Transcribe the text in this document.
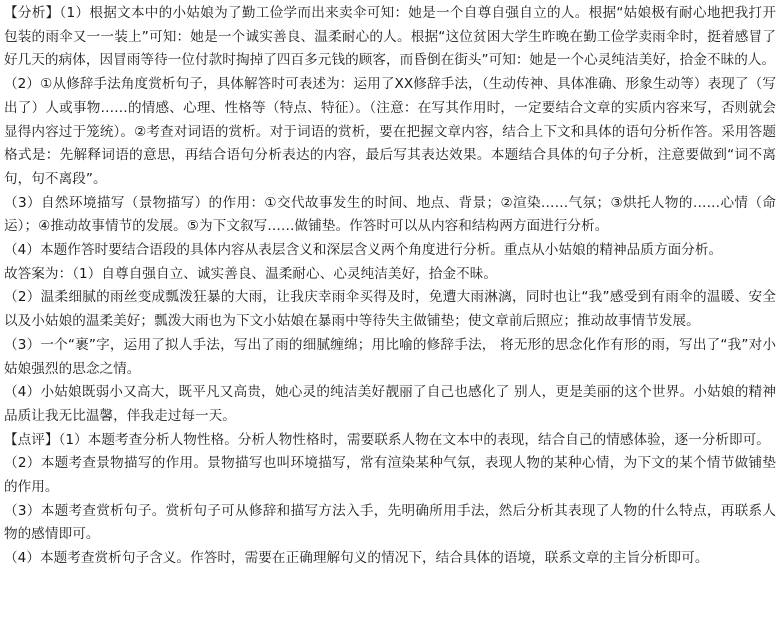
【分析】（1）根据文本中的小姑娘为了勤工俭学而出来卖伞可知：她是一个自尊自强自立的人。根据“姑娘极有耐心地把我打开包装的雨伞又一一装上”可知：她是一个诚实善良、温柔耐心的人。根据“这位贫困大学生昨晚在勤工俭学卖雨伞时，挺着感冒了好几天的病体，因冒雨等待一位付款时掏掉了四百多元钱的顾客，而昏倒在街头”可知：她是一个心灵纯洁美好，拾金不昧的人。

（2）①从修辞手法角度赏析句子，具体解答时可表述为：运用了XX修辞手法，（生动传神、具体准确、形象生动等）表现了（写出了）人或事物……的情感、心理、性格等（特点、特征）。（注意：在写其作用时，一定要结合文章的实质内容来写，否则就会显得内容过于笼统）。②考查对词语的赏析。对于词语的赏析，要在把握文章内容，结合上下文和具体的语句分析作答。采用答题格式是：先解释词语的意思，再结合语句分析表达的内容，最后写其表达效果。本题结合具体的句子分析，注意要做到“词不离句，句不离段”。

（3）自然环境描写（景物描写）的作用：①交代故事发生的时间、地点、背景；②渲染……气氛；③烘托人物的……心情（命运）；④推动故事情节的发展。⑤为下文叙写……做铺垫。作答时可以从内容和结构两方面进行分析。

（4）本题作答时要结合语段的具体内容从表层含义和深层含义两个角度进行分析。重点从小姑娘的精神品质方面分析。

故答案为：（1）自尊自强自立、诚实善良、温柔耐心、心灵纯洁美好，拾金不昧。

（2）温柔细腻的雨丝变成瓢泼狂暴的大雨，让我庆幸雨伞买得及时，免遭大雨淋漓，同时也让“我”感受到有雨伞的温暖、安全以及小姑娘的温柔美好；瓢泼大雨也为下文小姑娘在暴雨中等待失主做铺垫；使文章前后照应；推动故事情节发展。

（3）一个“裹”字，运用了拟人手法，写出了雨的细腻缠绵；用比喻的修辞手法， 将无形的思念化作有形的雨，写出了“我”对小姑娘强烈的思念之情。

（4）小姑娘既弱小又高大，既平凡又高贵，她心灵的纯洁美好靓丽了自己也感化了 别人，更是美丽的这个世界。小姑娘的精神品质让我无比温馨，伴我走过每一天。

【点评】（1）本题考查分析人物性格。分析人物性格时，需要联系人物在文本中的表现，结合自己的情感体验，逐一分析即可。

（2）本题考查景物描写的作用。景物描写也叫环境描写，常有渲染某种气氛，表现人物的某种心情，为下文的某个情节做铺垫的作用。

（3）本题考查赏析句子。赏析句子可从修辞和描写方法入手，先明确所用手法，然后分析其表现了人物的什么特点，再联系人物的感情即可。

（4）本题考查赏析句子含义。作答时，需要在正确理解句义的情况下，结合具体的语境，联系文章的主旨分析即可。
